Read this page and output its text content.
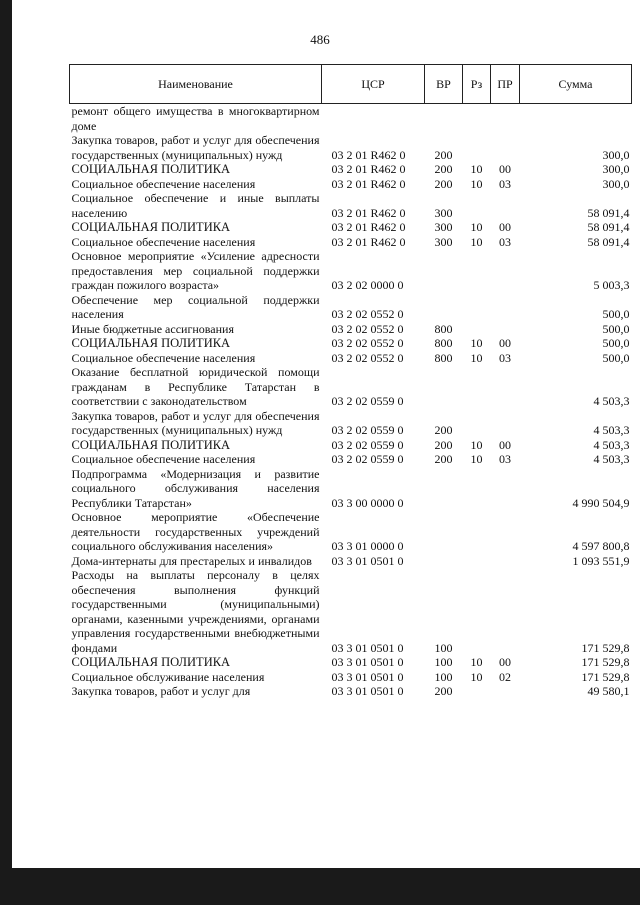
486
Наименование	ЦСР	ВР	Рз	ПР	Сумма
ремонт общего имущества в многоквартирном доме					
Закупка товаров, работ и услуг для обеспечения государственных (муниципальных) нужд	03 2 01 R462 0	200			300,0
СОЦИАЛЬНАЯ ПОЛИТИКА	03 2 01 R462 0	200	10	00	300,0
Социальное обеспечение населения	03 2 01 R462 0	200	10	03	300,0
Социальное обеспечение и иные выплаты населению	03 2 01 R462 0	300			58 091,4
СОЦИАЛЬНАЯ ПОЛИТИКА	03 2 01 R462 0	300	10	00	58 091,4
Социальное обеспечение населения	03 2 01 R462 0	300	10	03	58 091,4
Основное мероприятие «Усиление адресности предоставления мер социальной поддержки граждан пожилого возраста»	03 2 02 0000 0				5 003,3
Обеспечение мер социальной поддержки населения	03 2 02 0552 0				500,0
Иные бюджетные ассигнования	03 2 02 0552 0	800			500,0
СОЦИАЛЬНАЯ ПОЛИТИКА	03 2 02 0552 0	800	10	00	500,0
Социальное обеспечение населения	03 2 02 0552 0	800	10	03	500,0
Оказание бесплатной юридической помощи гражданам в Республике Татарстан в соответствии с законодательством	03 2 02 0559 0				4 503,3
Закупка товаров, работ и услуг для обеспечения государственных (муниципальных) нужд	03 2 02 0559 0	200			4 503,3
СОЦИАЛЬНАЯ ПОЛИТИКА	03 2 02 0559 0	200	10	00	4 503,3
Социальное обеспечение населения	03 2 02 0559 0	200	10	03	4 503,3
Подпрограмма «Модернизация и развитие социального обслуживания населения Республики Татарстан»	03 3 00 0000 0				4 990 504,9
Основное мероприятие «Обеспечение деятельности государственных учреждений социального обслуживания населения»	03 3 01 0000 0				4 597 800,8
Дома-интернаты для престарелых и инвалидов	03 3 01 0501 0				1 093 551,9
Расходы на выплаты персоналу в целях обеспечения выполнения функций государственными (муниципальными) органами, казенными учреждениями, органами управления государственными внебюджетными фондами	03 3 01 0501 0	100			171 529,8
СОЦИАЛЬНАЯ ПОЛИТИКА	03 3 01 0501 0	100	10	00	171 529,8
Социальное обслуживание населения	03 3 01 0501 0	100	10	02	171 529,8
Закупка товаров, работ и услуг для	03 3 01 0501 0	200			49 580,1
